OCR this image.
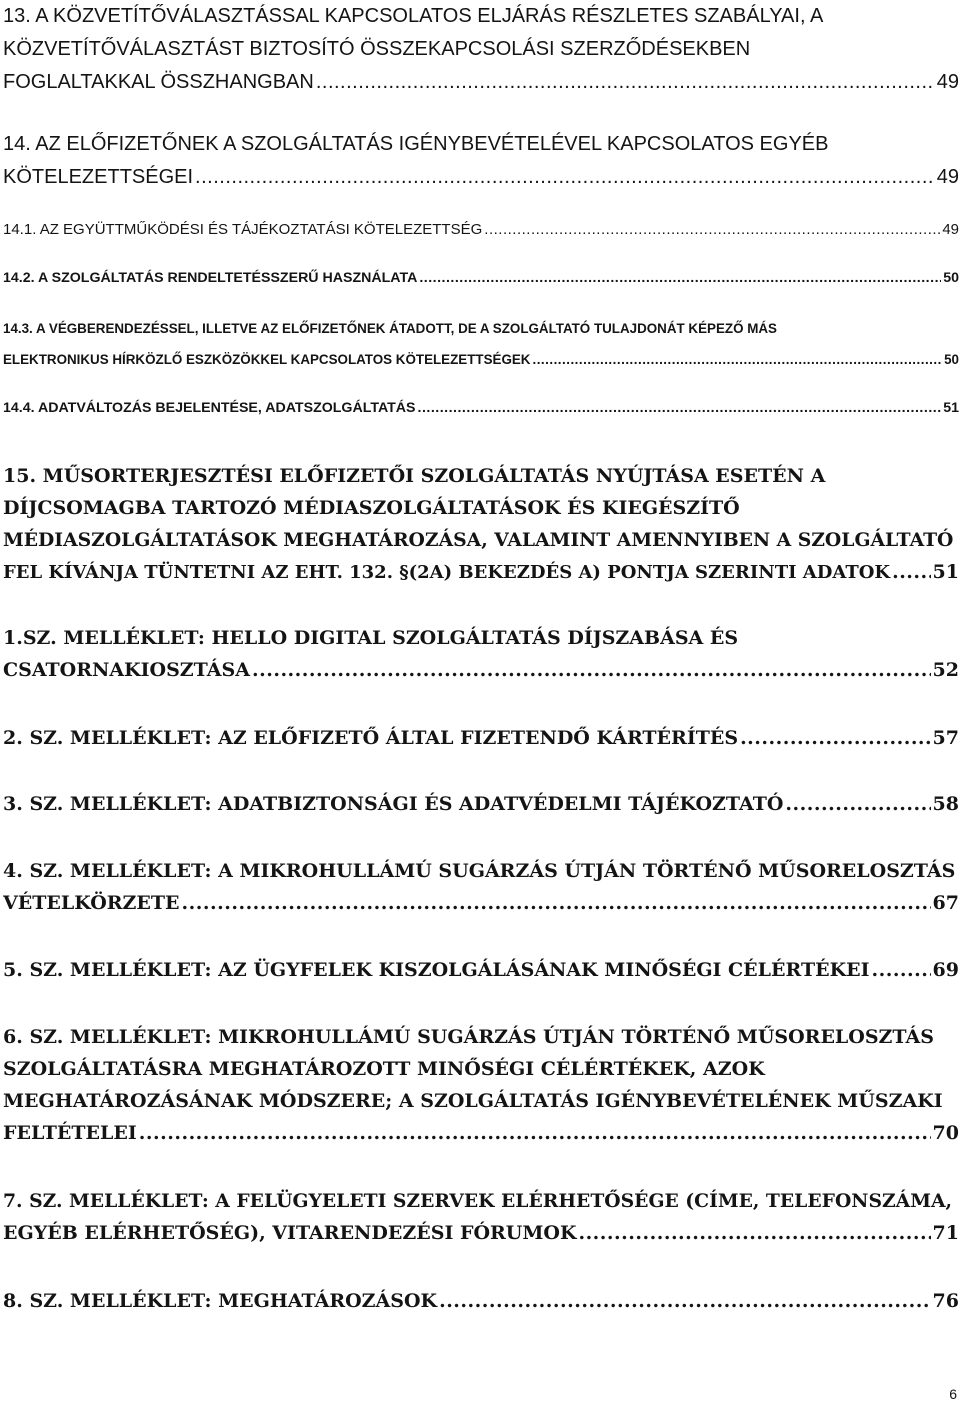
13. A KÖZVETÍTŐVÁLASZTÁSSAL KAPCSOLATOS ELJÁRÁS RÉSZLETES SZABÁLYAI, A
KÖZVETÍTŐVÁLASZTÁST BIZTOSÍTÓ ÖSSZEKAPCSOLÁSI SZERZŐDÉSEKBEN
FOGLALTAKKAL ÖSSZHANGBAN .....	49
14. AZ ELŐFIZETŐNEK A SZOLGÁLTATÁS IGÉNYBEVÉTELÉVEL KAPCSOLATOS EGYÉB
KÖTELEZETTSÉGEI .....	49
14.1. AZ EGYÜTTMŰKÖDÉSI ÉS TÁJÉKOZTATÁSI KÖTELEZETTSÉG .....	49
14.2. A SZOLGÁLTATÁS RENDELTETÉSSZERŰ HASZNÁLATA .....	50
14.3. A VÉGBERENDEZÉSSEL, ILLETVE AZ ELŐFIZETŐNEK ÁTADOTT, DE A SZOLGÁLTATÓ TULAJDONÁT KÉPEZŐ MÁS
ELEKTRONIKUS HÍRKÖZLŐ ESZKÖZÖKKEL KAPCSOLATOS KÖTELEZETTSÉGEK .....	50
14.4. ADATVÁLTOZÁS BEJELENTÉSE, ADATSZOLGÁLTATÁS .....	51
15. MŰSORTERJESZTÉSI ELŐFIZETŐI SZOLGÁLTATÁS NYÚJTÁSA ESETÉN A
DÍJCSOMAGBA TARTOZÓ MÉDIASZOLGÁLTATÁSOK ÉS KIEGÉSZÍTŐ
MÉDIASZOLGÁLTATÁSOK MEGHATÁROZÁSA, VALAMINT AMENNYIBEN A SZOLGÁLTATÓ
FEL KÍVÁNJA TÜNTETNI AZ EHT. 132. §(2A) BEKEZDÉS A) PONTJA SZERINTI ADATOK ..... 51
1.SZ. MELLÉKLET: HELLO DIGITAL SZOLGÁLTATÁS DÍJSZABÁSA ÉS
CSATORNAKIOSZTÁSA .....	52
2. SZ. MELLÉKLET: AZ ELŐFIZETŐ ÁLTAL FIZETENDŐ KÁRTÉRÍTÉS .....	57
3. SZ. MELLÉKLET: ADATBIZTONSÁGI ÉS ADATVÉDELMI TÁJÉKOZTATÓ .....	58
4. SZ. MELLÉKLET: A MIKROHULLÁMÚ SUGÁRZÁS ÚTJÁN TÖRTÉNŐ MŰSORELOSZTÁS
VÉTELKÖRZETE .....	67
5. SZ. MELLÉKLET: AZ ÜGYFELEK KISZOLGÁLÁSÁNAK MINŐSÉGI CÉLÉRTÉKEI .....	69
6. SZ. MELLÉKLET: MIKROHULLÁMÚ SUGÁRZÁS ÚTJÁN TÖRTÉNŐ MŰSORELOSZTÁS
SZOLGÁLTATÁSRA MEGHATÁROZOTT MINŐSÉGI CÉLÉRTÉKEK, AZOK
MEGHATÁROZÁSÁNAK MÓDSZERE; A SZOLGÁLTATÁS IGÉNYBEVÉTELÉNEK MŰSZAKI
FELTÉTELEI .....	70
7. SZ. MELLÉKLET: A FELÜGYELETI SZERVEK ELÉRHETŐSÉGE (CÍME, TELEFONSZÁMA,
EGYÉB ELÉRHETŐSÉG), VITARENDEZÉSI FÓRUMOK .....	71
8. SZ. MELLÉKLET: MEGHATÁROZÁSOK .....	76
6
